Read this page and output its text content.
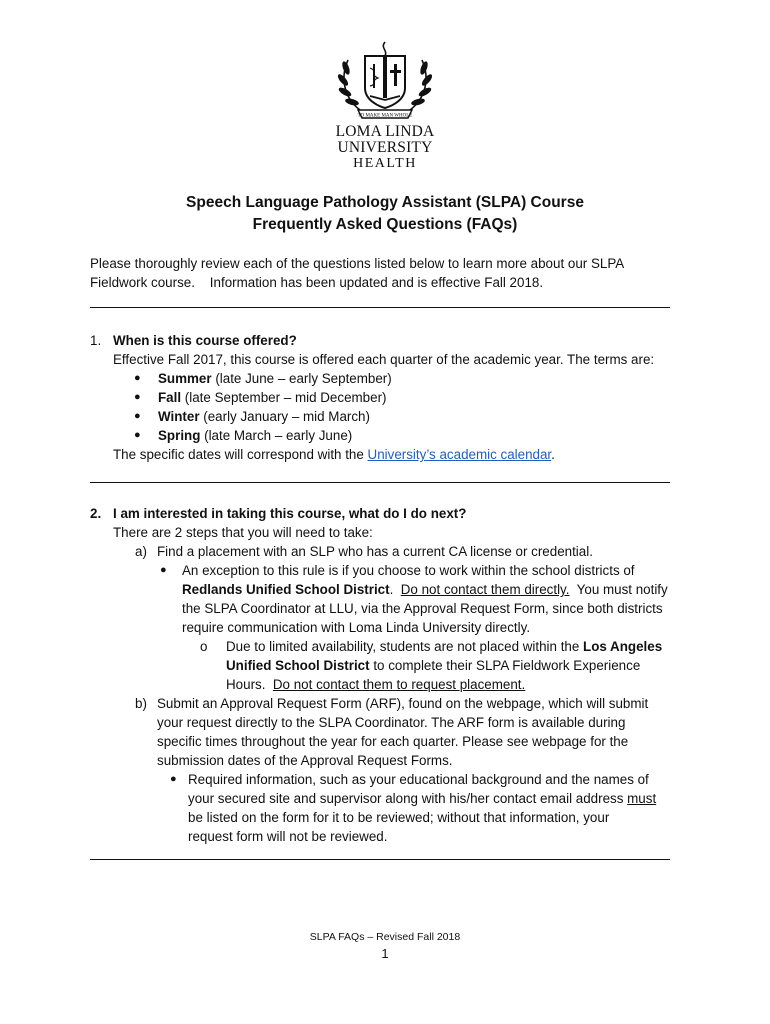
TO MAKE MAN WHOLE
LOMA LINDA UNIVERSITY
HEALTH
Speech Language Pathology Assistant (SLPA) Course
Frequently Asked Questions (FAQs)
Please thoroughly review each of the questions listed below to learn more about our SLPA
Fieldwork course.    Information has been updated and is effective Fall 2018.
1. When is this course offered?
Effective Fall 2017, this course is offered each quarter of the academic year. The terms are:
● Summer (late June – early September)
● Fall (late September – mid December)
● Winter (early January – mid March)
● Spring (late March – early June)
The specific dates will correspond with the University’s academic calendar.
2. I am interested in taking this course, what do I do next?
There are 2 steps that you will need to take:
a) Find a placement with an SLP who has a current CA license or credential.
● An exception to this rule is if you choose to work within the school districts of
Redlands Unified School District.  Do not contact them directly.  You must notify
the SLPA Coordinator at LLU, via the Approval Request Form, since both districts
require communication with Loma Linda University directly.
o Due to limited availability, students are not placed within the Los Angeles
Unified School District to complete their SLPA Fieldwork Experience
Hours.  Do not contact them to request placement.
b) Submit an Approval Request Form (ARF), found on the webpage, which will submit
your request directly to the SLPA Coordinator. The ARF form is available during
specific times throughout the year for each quarter. Please see webpage for the
submission dates of the Approval Request Forms.
● Required information, such as your educational background and the names of
your secured site and supervisor along with his/her contact email address must
be listed on the form for it to be reviewed; without that information, your
request form will not be reviewed.
SLPA FAQs – Revised Fall 2018
1
